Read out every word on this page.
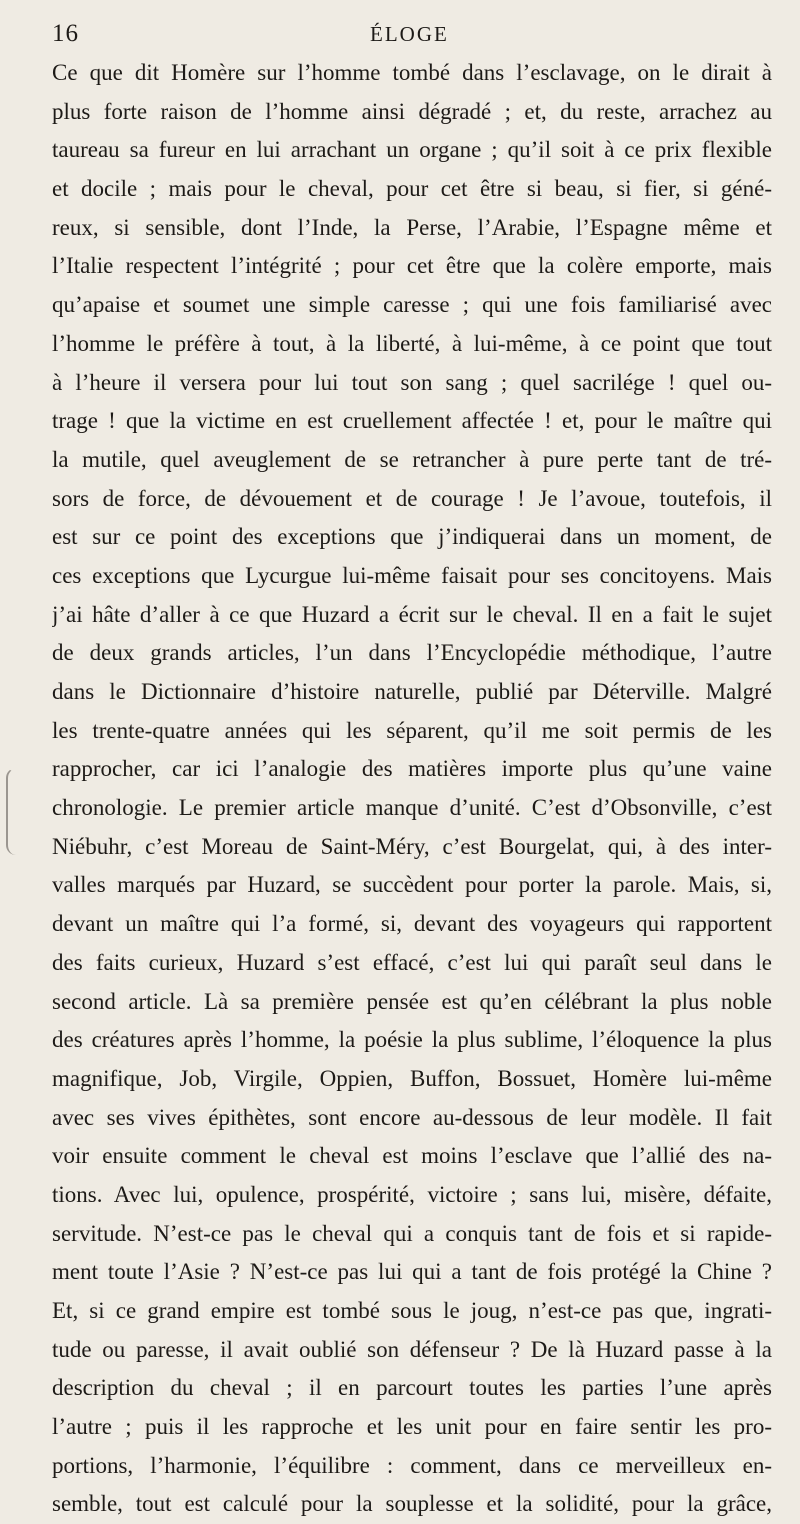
16	ÉLOGE
Ce que dit Homère sur l’homme tombé dans l’esclavage, on le dirait à
plus forte raison de l’homme ainsi dégradé ; et, du reste, arrachez au
taureau sa fureur en lui arrachant un organe ; qu’il soit à ce prix flexible
et docile ; mais pour le cheval, pour cet être si beau, si fier, si géné-
reux, si sensible, dont l’Inde, la Perse, l’Arabie, l’Espagne même et
l’Italie respectent l’intégrité ; pour cet être que la colère emporte, mais
qu’apaise et soumet une simple caresse ; qui une fois familiarisé avec
l’homme le préfère à tout, à la liberté, à lui-même, à ce point que tout
à l’heure il versera pour lui tout son sang ; quel sacrilége ! quel ou-
trage ! que la victime en est cruellement affectée ! et, pour le maître qui
la mutile, quel aveuglement de se retrancher à pure perte tant de tré-
sors de force, de dévouement et de courage ! Je l’avoue, toutefois, il
est sur ce point des exceptions que j’indiquerai dans un moment, de
ces exceptions que Lycurgue lui-même faisait pour ses concitoyens. Mais
j’ai hâte d’aller à ce que Huzard a écrit sur le cheval. Il en a fait le sujet
de deux grands articles, l’un dans l’Encyclopédie méthodique, l’autre
dans le Dictionnaire d’histoire naturelle, publié par Déterville. Malgré
les trente-quatre années qui les séparent, qu’il me soit permis de les
rapprocher, car ici l’analogie des matières importe plus qu’une vaine
chronologie. Le premier article manque d’unité. C’est d’Obsonville, c’est
Niébuhr, c’est Moreau de Saint-Méry, c’est Bourgelat, qui, à des inter-
valles marqués par Huzard, se succèdent pour porter la parole. Mais, si,
devant un maître qui l’a formé, si, devant des voyageurs qui rapportent
des faits curieux, Huzard s’est effacé, c’est lui qui paraît seul dans le
second article. Là sa première pensée est qu’en célébrant la plus noble
des créatures après l’homme, la poésie la plus sublime, l’éloquence la plus
magnifique, Job, Virgile, Oppien, Buffon, Bossuet, Homère lui-même
avec ses vives épithètes, sont encore au-dessous de leur modèle. Il fait
voir ensuite comment le cheval est moins l’esclave que l’allié des na-
tions. Avec lui, opulence, prospérité, victoire ; sans lui, misère, défaite,
servitude. N’est-ce pas le cheval qui a conquis tant de fois et si rapide-
ment toute l’Asie ? N’est-ce pas lui qui a tant de fois protégé la Chine ?
Et, si ce grand empire est tombé sous le joug, n’est-ce pas que, ingrati-
tude ou paresse, il avait oublié son défenseur ? De là Huzard passe à la
description du cheval ; il en parcourt toutes les parties l’une après
l’autre ; puis il les rapproche et les unit pour en faire sentir les pro-
portions, l’harmonie, l’équilibre : comment, dans ce merveilleux en-
semble, tout est calculé pour la souplesse et la solidité, pour la grâce,
